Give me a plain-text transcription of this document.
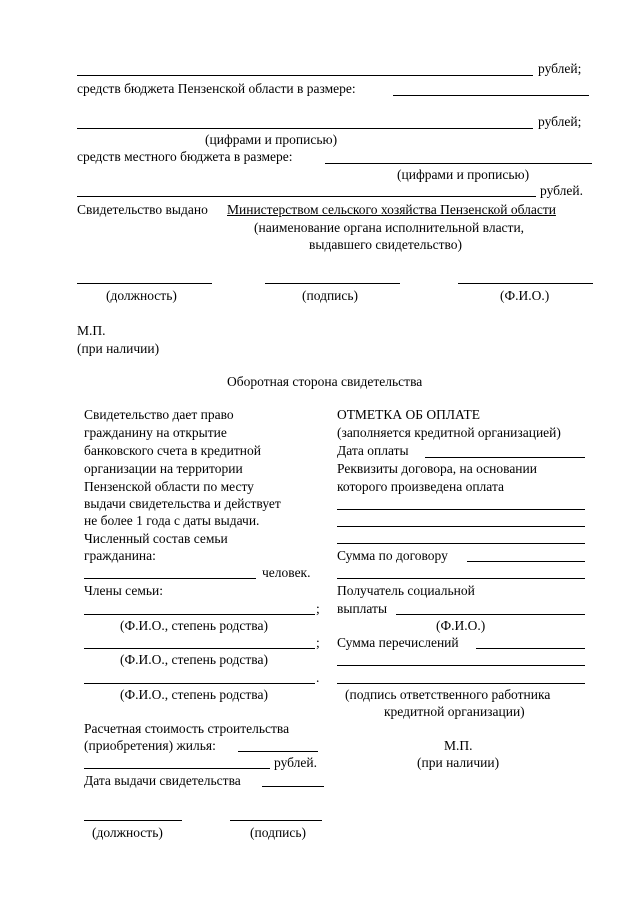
рублей;
средств бюджета Пензенской области в размере:
рублей;
(цифрами и прописью)
средств местного бюджета в размере:
(цифрами и прописью)
рублей.
Свидетельство выдано Министерством сельского хозяйства Пензенской области
(наименование органа исполнительной власти,
выдавшего свидетельство)
(должность)	(подпись)	(Ф.И.О.)
М.П.
(при наличии)
Оборотная сторона свидетельства
Свидетельство дает право
гражданину на открытие
банковского счета в кредитной
организации на территории
Пензенской области по месту
выдачи свидетельства и действует
не более 1 года с даты выдачи.
Численный состав семьи
гражданина:
человек.
Члены семьи:
;
(Ф.И.О., степень родства)
;
(Ф.И.О., степень родства)
.
(Ф.И.О., степень родства)
Расчетная стоимость строительства
(приобретения) жилья:
рублей.
Дата выдачи свидетельства
(должность)	(подпись)
ОТМЕТКА ОБ ОПЛАТЕ
(заполняется кредитной организацией)
Дата оплаты
Реквизиты договора, на основании
которого произведена оплата
Сумма по договору
Получатель социальной
выплаты
(Ф.И.О.)
Сумма перечислений
(подпись ответственного работника
кредитной организации)
М.П.
(при наличии)
